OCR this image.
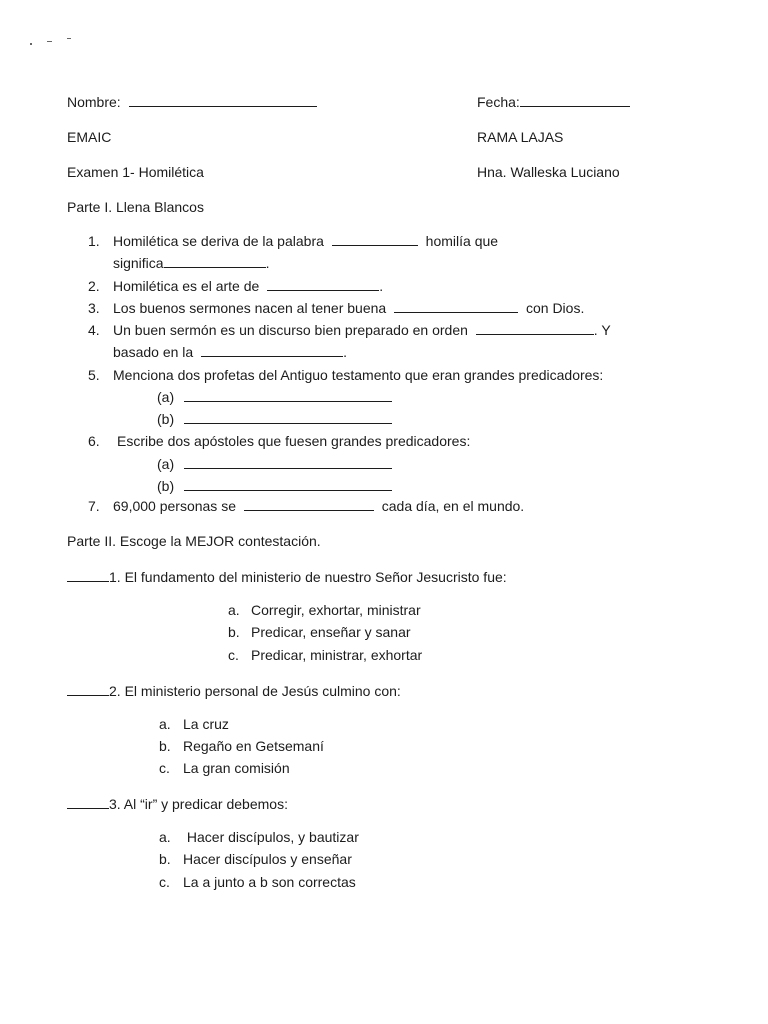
Nombre:	Fecha:
EMAIC	RAMA LAJAS
Examen 1- Homilética	Hna. Walleska Luciano
Parte I. Llena Blancos
1. Homilética se deriva de la palabra	homilía que
significa	.
2. Homilética es el arte de	.
3. Los buenos sermones nacen al tener buena	con Dios.
4. Un buen sermón es un discurso bien preparado en orden	. Y
basado en la	.
5. Menciona dos profetas del Antiguo testamento que eran grandes predicadores:
(a)
(b)
6. Escribe dos apóstoles que fuesen grandes predicadores:
(a)
(b)
7. 69,000 personas se	cada día, en el mundo.
Parte II. Escoge la MEJOR contestación.
1. El fundamento del ministerio de nuestro Señor Jesucristo fue:
a. Corregir, exhortar, ministrar
b. Predicar, enseñar y sanar
c. Predicar, ministrar, exhortar
2. El ministerio personal de Jesús culmino con:
a. La cruz
b. Regaño en Getsemaní
c. La gran comisión
3. Al “ir” y predicar debemos:
a. Hacer discípulos, y bautizar
b. Hacer discípulos y enseñar
c. La a junto a b son correctas
